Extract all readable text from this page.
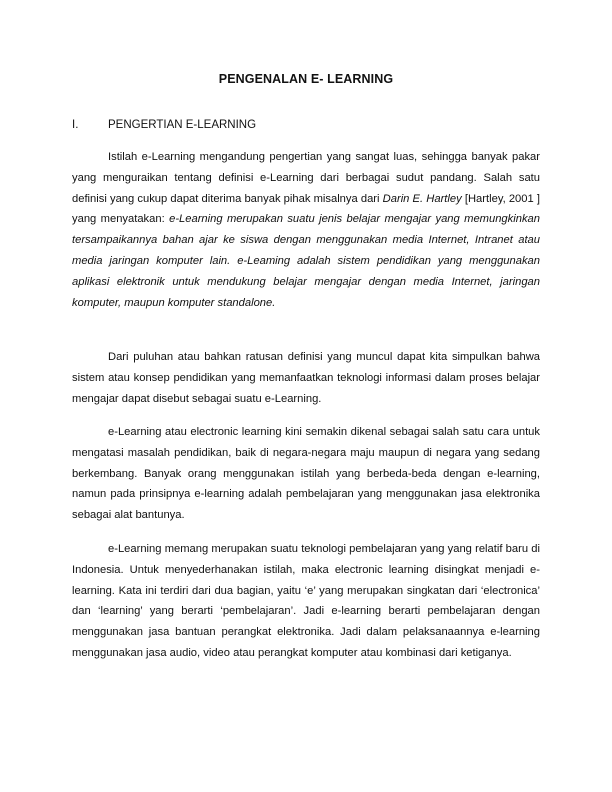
PENGENALAN E- LEARNING
I.	PENGERTIAN E-LEARNING

Istilah e-Learning mengandung pengertian yang sangat luas, sehingga banyak pakar yang menguraikan tentang definisi e-Learning dari berbagai sudut pandang. Salah satu definisi yang cukup dapat diterima banyak pihak misalnya dari Darin E. Hartley [Hartley, 2001 ] yang menyatakan: e-Learning merupakan suatu jenis belajar mengajar yang memungkinkan tersampaikannya bahan ajar ke siswa dengan menggunakan media Internet, Intranet atau media jaringan komputer lain. e-Leaming adalah sistem pendidikan yang menggunakan aplikasi elektronik untuk mendukung belajar mengajar dengan media Internet, jaringan komputer, maupun komputer standalone.

Dari puluhan atau bahkan ratusan definisi yang muncul dapat kita simpulkan bahwa sistem atau konsep pendidikan yang memanfaatkan teknologi informasi dalam proses belajar mengajar dapat disebut sebagai suatu e-Learning.

e-Learning atau electronic learning kini semakin dikenal sebagai salah satu cara untuk mengatasi masalah pendidikan, baik di negara-negara maju maupun di negara yang sedang berkembang. Banyak orang menggunakan istilah yang berbeda-beda dengan e-learning, namun pada prinsipnya e-learning adalah pembelajaran yang menggunakan jasa elektronika sebagai alat bantunya.

e-Learning memang merupakan suatu teknologi pembelajaran yang yang relatif baru di Indonesia. Untuk menyederhanakan istilah, maka electronic learning disingkat menjadi e-learning. Kata ini terdiri dari dua bagian, yaitu ‘e’ yang merupakan singkatan dari ‘electronica’ dan ‘learning’ yang berarti ‘pembelajaran’. Jadi e-learning berarti pembelajaran dengan menggunakan jasa bantuan perangkat elektronika. Jadi dalam pelaksanaannya e-learning menggunakan jasa audio, video atau perangkat komputer atau kombinasi dari ketiganya.
